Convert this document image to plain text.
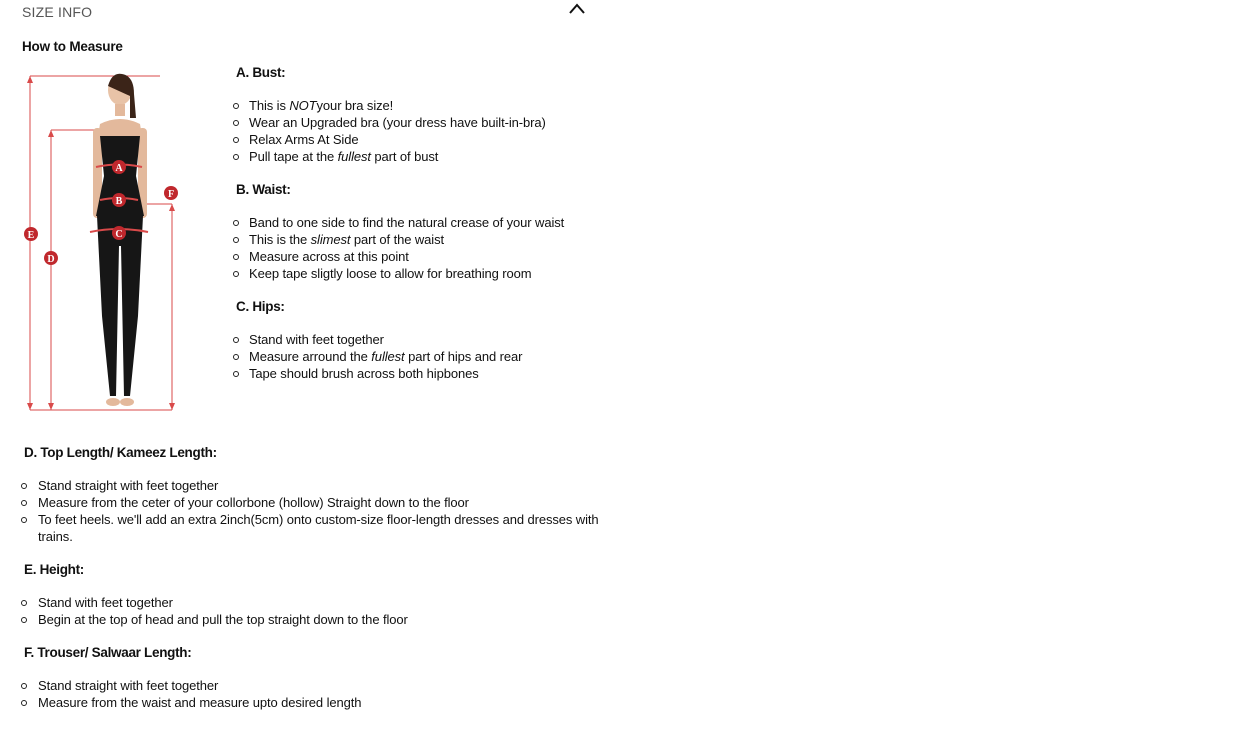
SIZE INFO
How to Measure
A
B
C
D
E
F
A. Bust:
This is NOTyour bra size!
Wear an Upgraded bra (your dress have built-in-bra)
Relax Arms At Side
Pull tape at the fullest part of bust
B. Waist:
Band to one side to find the natural crease of your waist
This is the slimest part of the waist
Measure across at this point
Keep tape sligtly loose to allow for breathing room
C. Hips:
Stand with feet together
Measure arround the fullest part of hips and rear
Tape should brush across both hipbones
D. Top Length/ Kameez Length:
Stand straight with feet together
Measure from the ceter of your collorbone (hollow) Straight down to the floor
To feet heels. we'll add an extra 2inch(5cm) onto custom-size floor-length dresses and dresses with trains.
E. Height:
Stand with feet together
Begin at the top of head and pull the top straight down to the floor
F. Trouser/ Salwaar Length:
Stand straight with feet together
Measure from the waist and measure upto desired length
